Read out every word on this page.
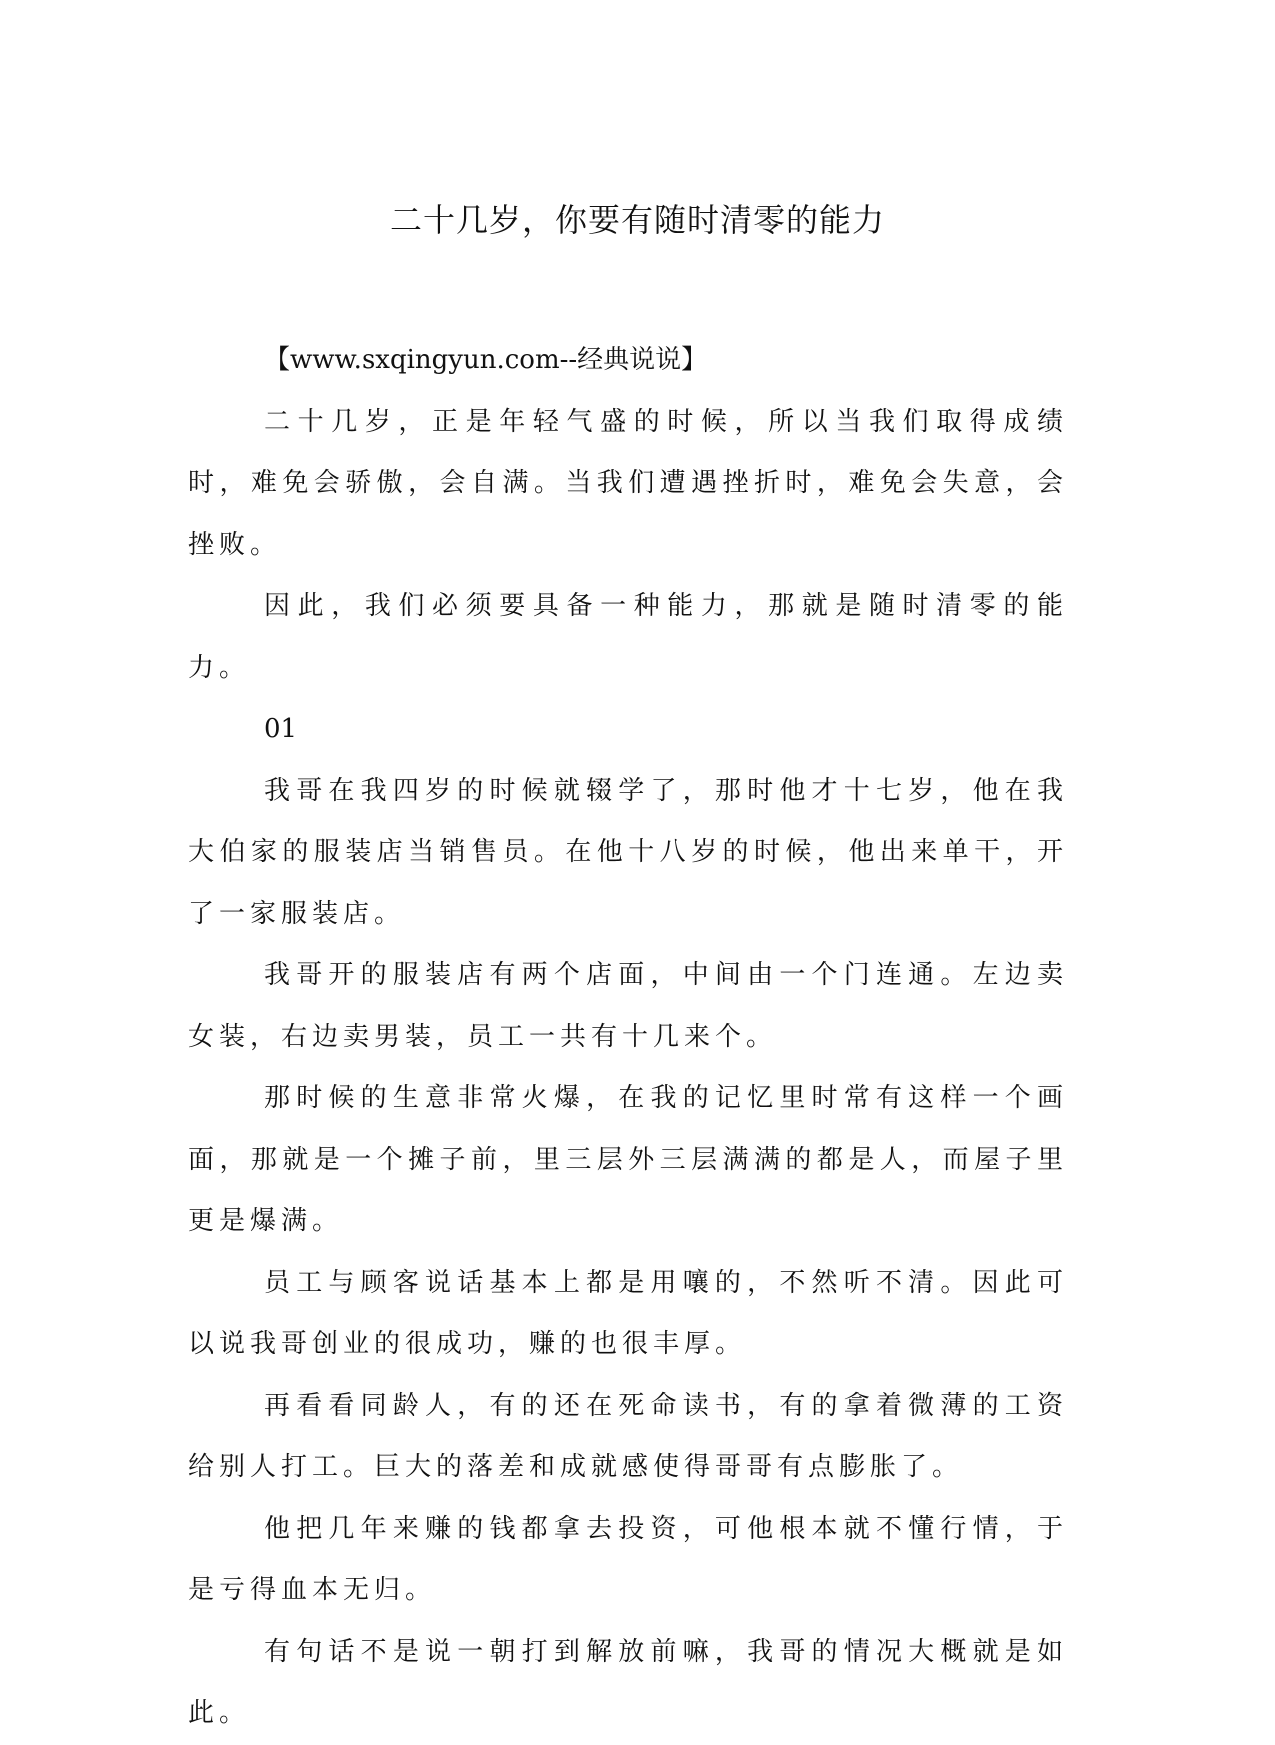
二十几岁，你要有随时清零的能力

【www.sxqingyun.com--经典说说】

二十几岁，正是年轻气盛的时候，所以当我们取得成绩时，难免会骄傲，会自满。当我们遭遇挫折时，难免会失意，会挫败。

因此，我们必须要具备一种能力，那就是随时清零的能力。

01

我哥在我四岁的时候就辍学了，那时他才十七岁，他在我大伯家的服装店当销售员。在他十八岁的时候，他出来单干，开了一家服装店。

我哥开的服装店有两个店面，中间由一个门连通。左边卖女装，右边卖男装，员工一共有十几来个。

那时候的生意非常火爆，在我的记忆里时常有这样一个画面，那就是一个摊子前，里三层外三层满满的都是人，而屋子里更是爆满。

员工与顾客说话基本上都是用嚷的，不然听不清。因此可以说我哥创业的很成功，赚的也很丰厚。

再看看同龄人，有的还在死命读书，有的拿着微薄的工资给别人打工。巨大的落差和成就感使得哥哥有点膨胀了。

他把几年来赚的钱都拿去投资，可他根本就不懂行情，于是亏得血本无归。

有句话不是说一朝打到解放前嘛，我哥的情况大概就是如此。
